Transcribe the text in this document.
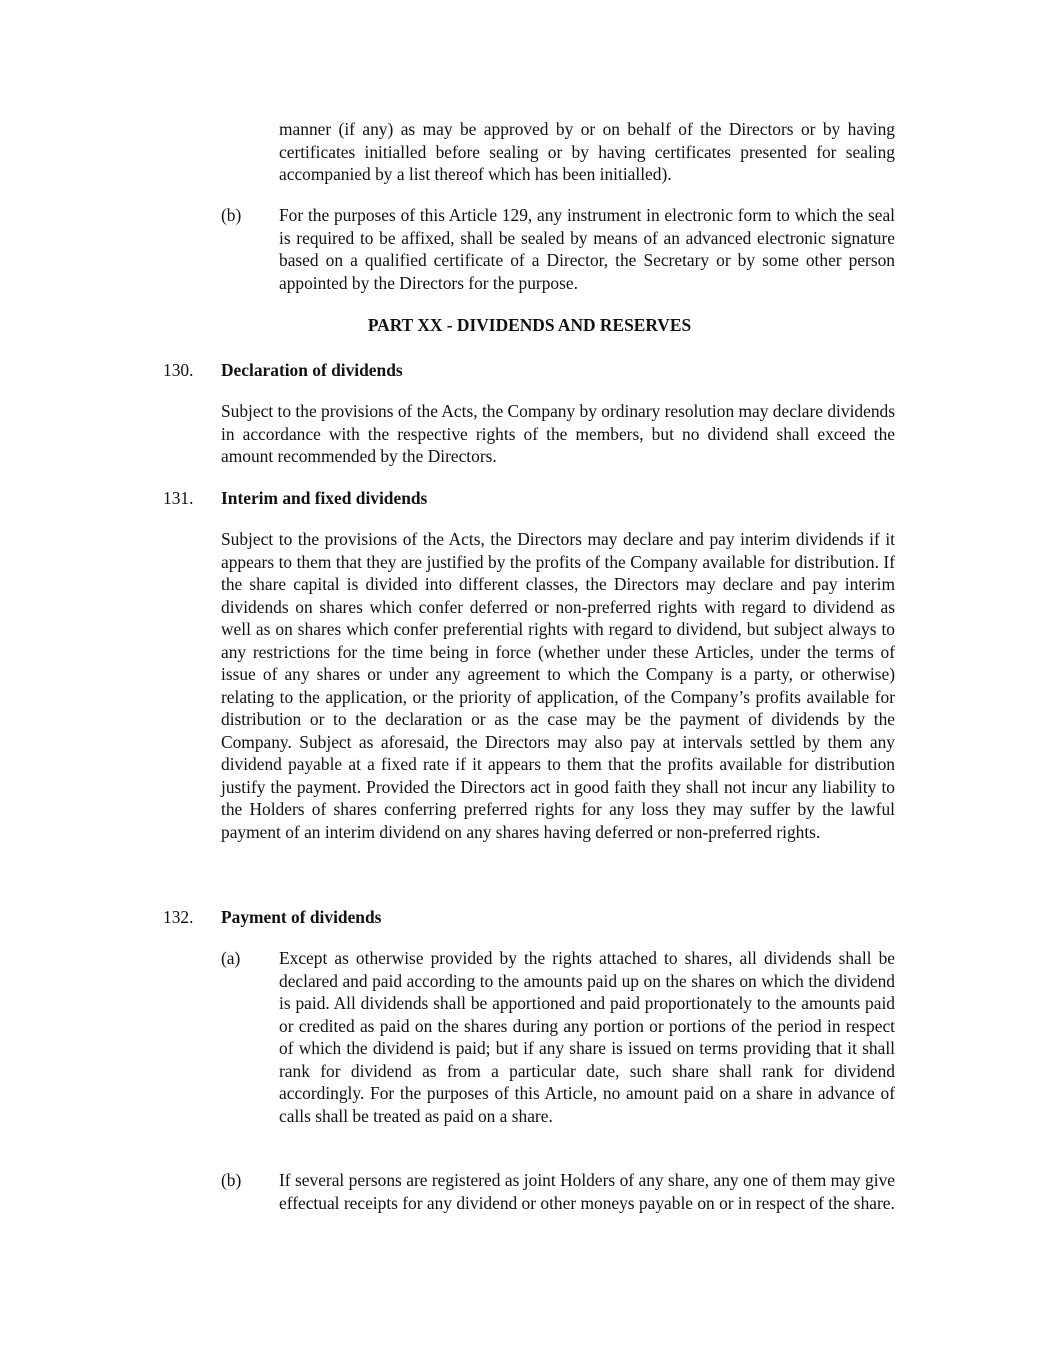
manner (if any) as may be approved by or on behalf of the Directors or by having certificates initialled before sealing or by having certificates presented for sealing accompanied by a list thereof which has been initialled).

(b) For the purposes of this Article 129, any instrument in electronic form to which the seal is required to be affixed, shall be sealed by means of an advanced electronic signature based on a qualified certificate of a Director, the Secretary or by some other person appointed by the Directors for the purpose.

PART XX - DIVIDENDS AND RESERVES
130. Declaration of dividends

Subject to the provisions of the Acts, the Company by ordinary resolution may declare dividends in accordance with the respective rights of the members, but no dividend shall exceed the amount recommended by the Directors.

131. Interim and fixed dividends

Subject to the provisions of the Acts, the Directors may declare and pay interim dividends if it appears to them that they are justified by the profits of the Company available for distribution. If the share capital is divided into different classes, the Directors may declare and pay interim dividends on shares which confer deferred or non-preferred rights with regard to dividend as well as on shares which confer preferential rights with regard to dividend, but subject always to any restrictions for the time being in force (whether under these Articles, under the terms of issue of any shares or under any agreement to which the Company is a party, or otherwise) relating to the application, or the priority of application, of the Company’s profits available for distribution or to the declaration or as the case may be the payment of dividends by the Company. Subject as aforesaid, the Directors may also pay at intervals settled by them any dividend payable at a fixed rate if it appears to them that the profits available for distribution justify the payment. Provided the Directors act in good faith they shall not incur any liability to the Holders of shares conferring preferred rights for any loss they may suffer by the lawful payment of an interim dividend on any shares having deferred or non-preferred rights.

132. Payment of dividends
(a) Except as otherwise provided by the rights attached to shares, all dividends shall be declared and paid according to the amounts paid up on the shares on which the dividend is paid. All dividends shall be apportioned and paid proportionately to the amounts paid or credited as paid on the shares during any portion or portions of the period in respect of which the dividend is paid; but if any share is issued on terms providing that it shall rank for dividend as from a particular date, such share shall rank for dividend accordingly. For the purposes of this Article, no amount paid on a share in advance of calls shall be treated as paid on a share.

(b) If several persons are registered as joint Holders of any share, any one of them may give effectual receipts for any dividend or other moneys payable on or in respect of the share.
